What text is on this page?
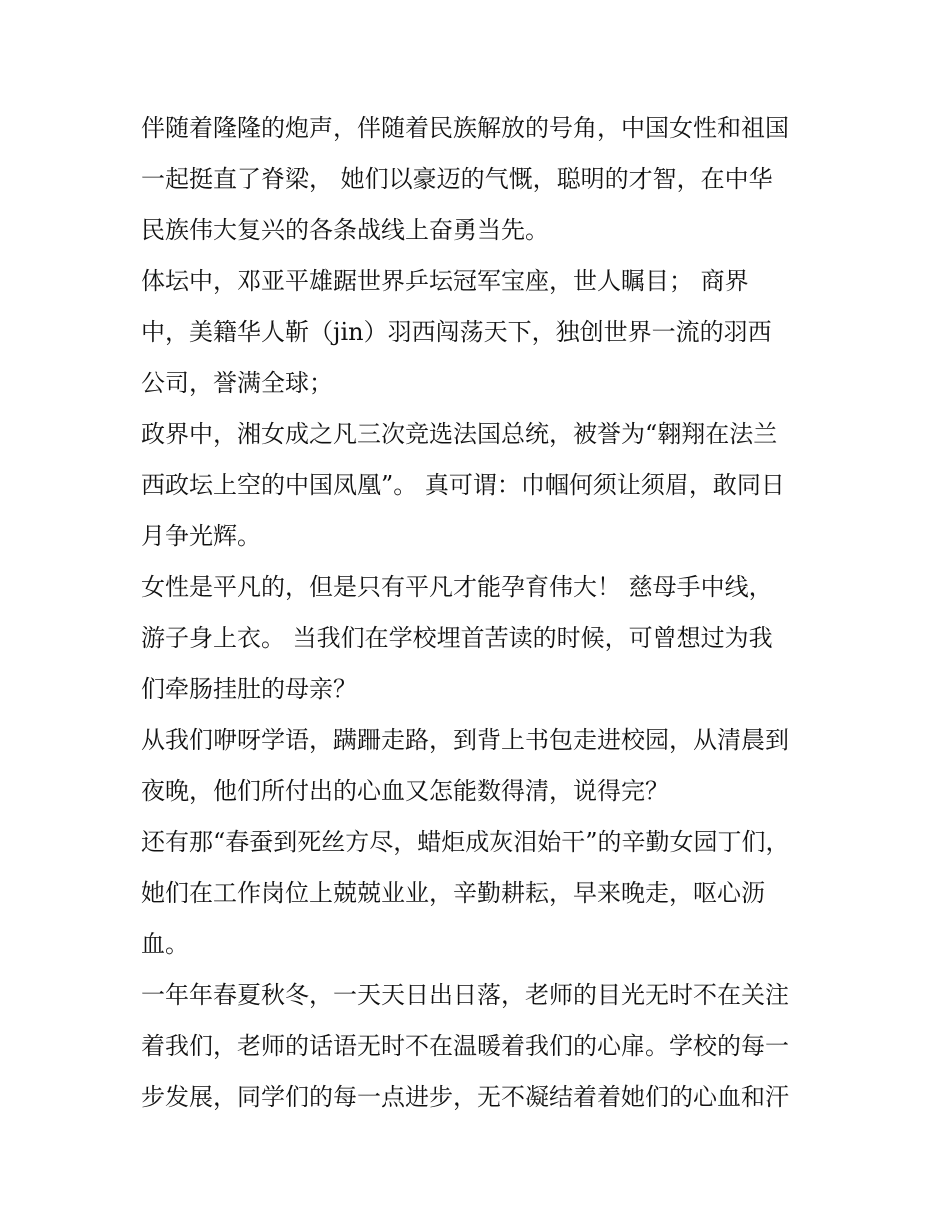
伴随着隆隆的炮声，伴随着民族解放的号角，中国女性和祖国
一起挺直了脊梁， 她们以豪迈的气慨，聪明的才智，在中华
民族伟大复兴的各条战线上奋勇当先。
体坛中，邓亚平雄踞世界乒坛冠军宝座，世人瞩目； 商界
中，美籍华人靳（jin）羽西闯荡天下，独创世界一流的羽西
公司，誉满全球；
政界中，湘女成之凡三次竞选法国总统，被誉为“翱翔在法兰
西政坛上空的中国凤凰”。 真可谓：巾帼何须让须眉，敢同日
月争光辉。
女性是平凡的，但是只有平凡才能孕育伟大！ 慈母手中线，
游子身上衣。 当我们在学校埋首苦读的时候，可曾想过为我
们牵肠挂肚的母亲？
从我们咿呀学语，蹒跚走路，到背上书包走进校园，从清晨到
夜晚，他们所付出的心血又怎能数得清，说得完？
还有那“春蚕到死丝方尽，蜡炬成灰泪始干”的辛勤女园丁们，
她们在工作岗位上兢兢业业，辛勤耕耘，早来晚走，呕心沥
血。
一年年春夏秋冬，一天天日出日落，老师的目光无时不在关注
着我们，老师的话语无时不在温暖着我们的心扉。学校的每一
步发展，同学们的每一点进步，无不凝结着着她们的心血和汗
